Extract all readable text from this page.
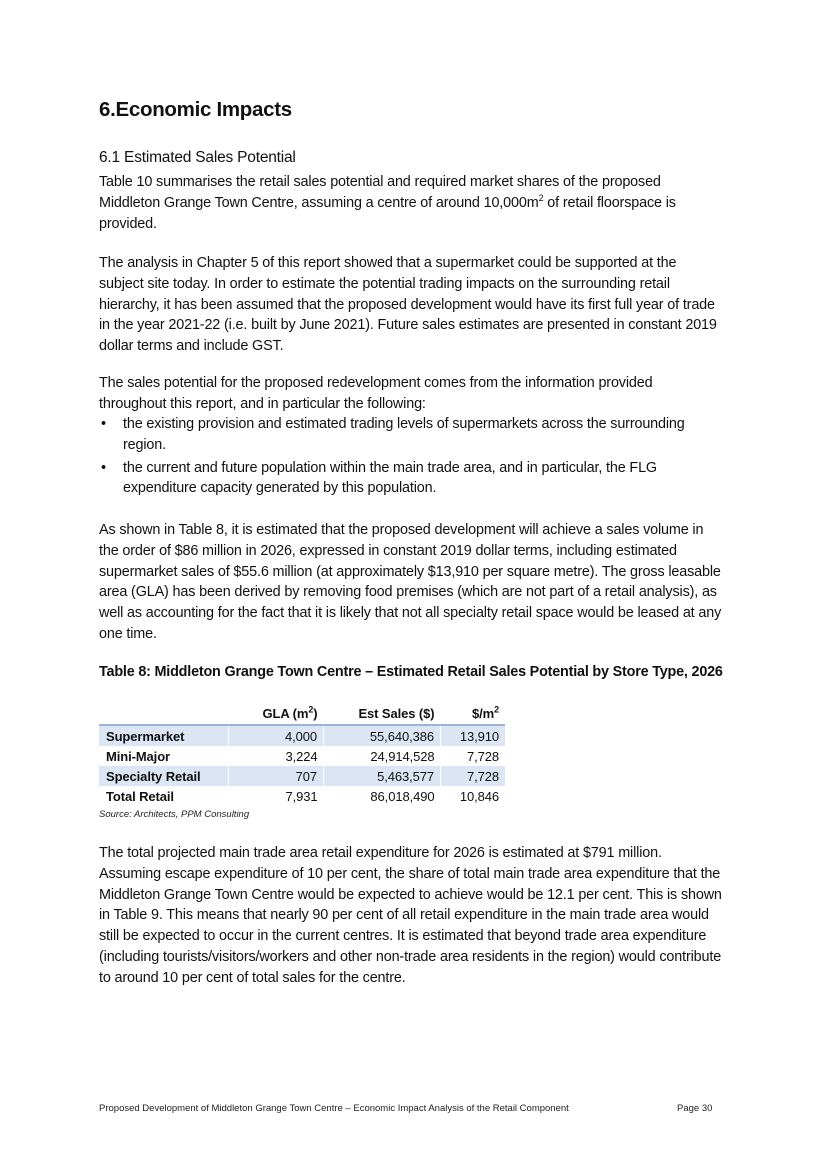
6.Economic Impacts
6.1 Estimated Sales Potential

Table 10 summarises the retail sales potential and required market shares of the proposed Middleton Grange Town Centre, assuming a centre of around $10,000m^2$ of retail floorspace is provided.

The analysis in Chapter 5 of this report showed that a supermarket could be supported at the subject site today. In order to estimate the potential trading impacts on the surrounding retail hierarchy, it has been assumed that the proposed development would have its first full year of trade in the year 2021-22 (i.e. built by June 2021). Future sales estimates are presented in constant 2019 dollar terms and include GST.

The sales potential for the proposed redevelopment comes from the information provided throughout this report, and in particular the following:

• the existing provision and estimated trading levels of supermarkets across the surrounding region.
• the current and future population within the main trade area, and in particular, the FLG expenditure capacity generated by this population.

As shown in Table 8, it is estimated that the proposed development will achieve a sales volume in the order of $86 million in 2026, expressed in constant 2019 dollar terms, including estimated supermarket sales of $55.6 million (at approximately $13,910 per square metre). The gross leasable area (GLA) has been derived by removing food premises (which are not part of a retail analysis), as well as accounting for the fact that it is likely that not all specialty retail space would be leased at any one time.

Table 8: Middleton Grange Town Centre – Estimated Retail Sales Potential by Store Type, 2026

	GLA $(m^2)$	Est Sales ($)	$\$/m^2$
Supermarket	4,000	55,640,386	13,910
Mini-Major	3,224	24,914,528	7,728
Specialty Retail	707	5,463,577	7,728
Total Retail	7,931	86,018,490	10,846
Source: Architects, PPM Consulting

The total projected main trade area retail expenditure for 2026 is estimated at $791 million. Assuming escape expenditure of 10 per cent, the share of total main trade area expenditure that the Middleton Grange Town Centre would be expected to achieve would be 12.1 per cent. This is shown in Table 9. This means that nearly 90 per cent of all retail expenditure in the main trade area would still be expected to occur in the current centres. It is estimated that beyond trade area expenditure (including tourists/visitors/workers and other non-trade area residents in the region) would contribute to around 10 per cent of total sales for the centre.

Proposed Development of Middleton Grange Town Centre – Economic Impact Analysis of the Retail Component	Page 30
